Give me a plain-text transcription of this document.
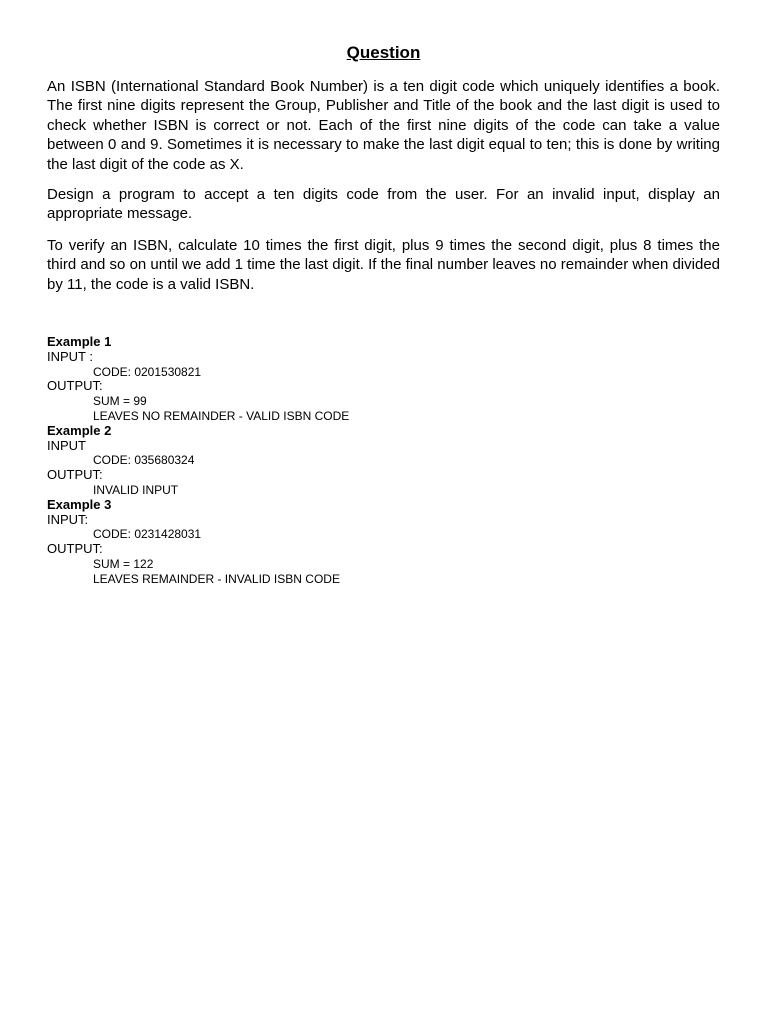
Question

An ISBN (International Standard Book Number) is a ten digit code which uniquely identifies a book. The first nine digits represent the Group, Publisher and Title of the book and the last digit is used to check whether ISBN is correct or not. Each of the first nine digits of the code can take a value between 0 and 9. Sometimes it is necessary to make the last digit equal to ten; this is done by writing the last digit of the code as X.

Design a program to accept a ten digits code from the user. For an invalid input, display an appropriate message.

To verify an ISBN, calculate 10 times the first digit, plus 9 times the second digit, plus 8 times the third and so on until we add 1 time the last digit. If the final number leaves no remainder when divided by 11, the code is a valid ISBN.

Example 1
INPUT :
CODE: 0201530821
OUTPUT:
SUM = 99
LEAVES NO REMAINDER - VALID ISBN CODE
Example 2
INPUT
CODE: 035680324
OUTPUT:
INVALID INPUT
Example 3
INPUT:
CODE: 0231428031
OUTPUT:
SUM = 122
LEAVES REMAINDER - INVALID ISBN CODE
